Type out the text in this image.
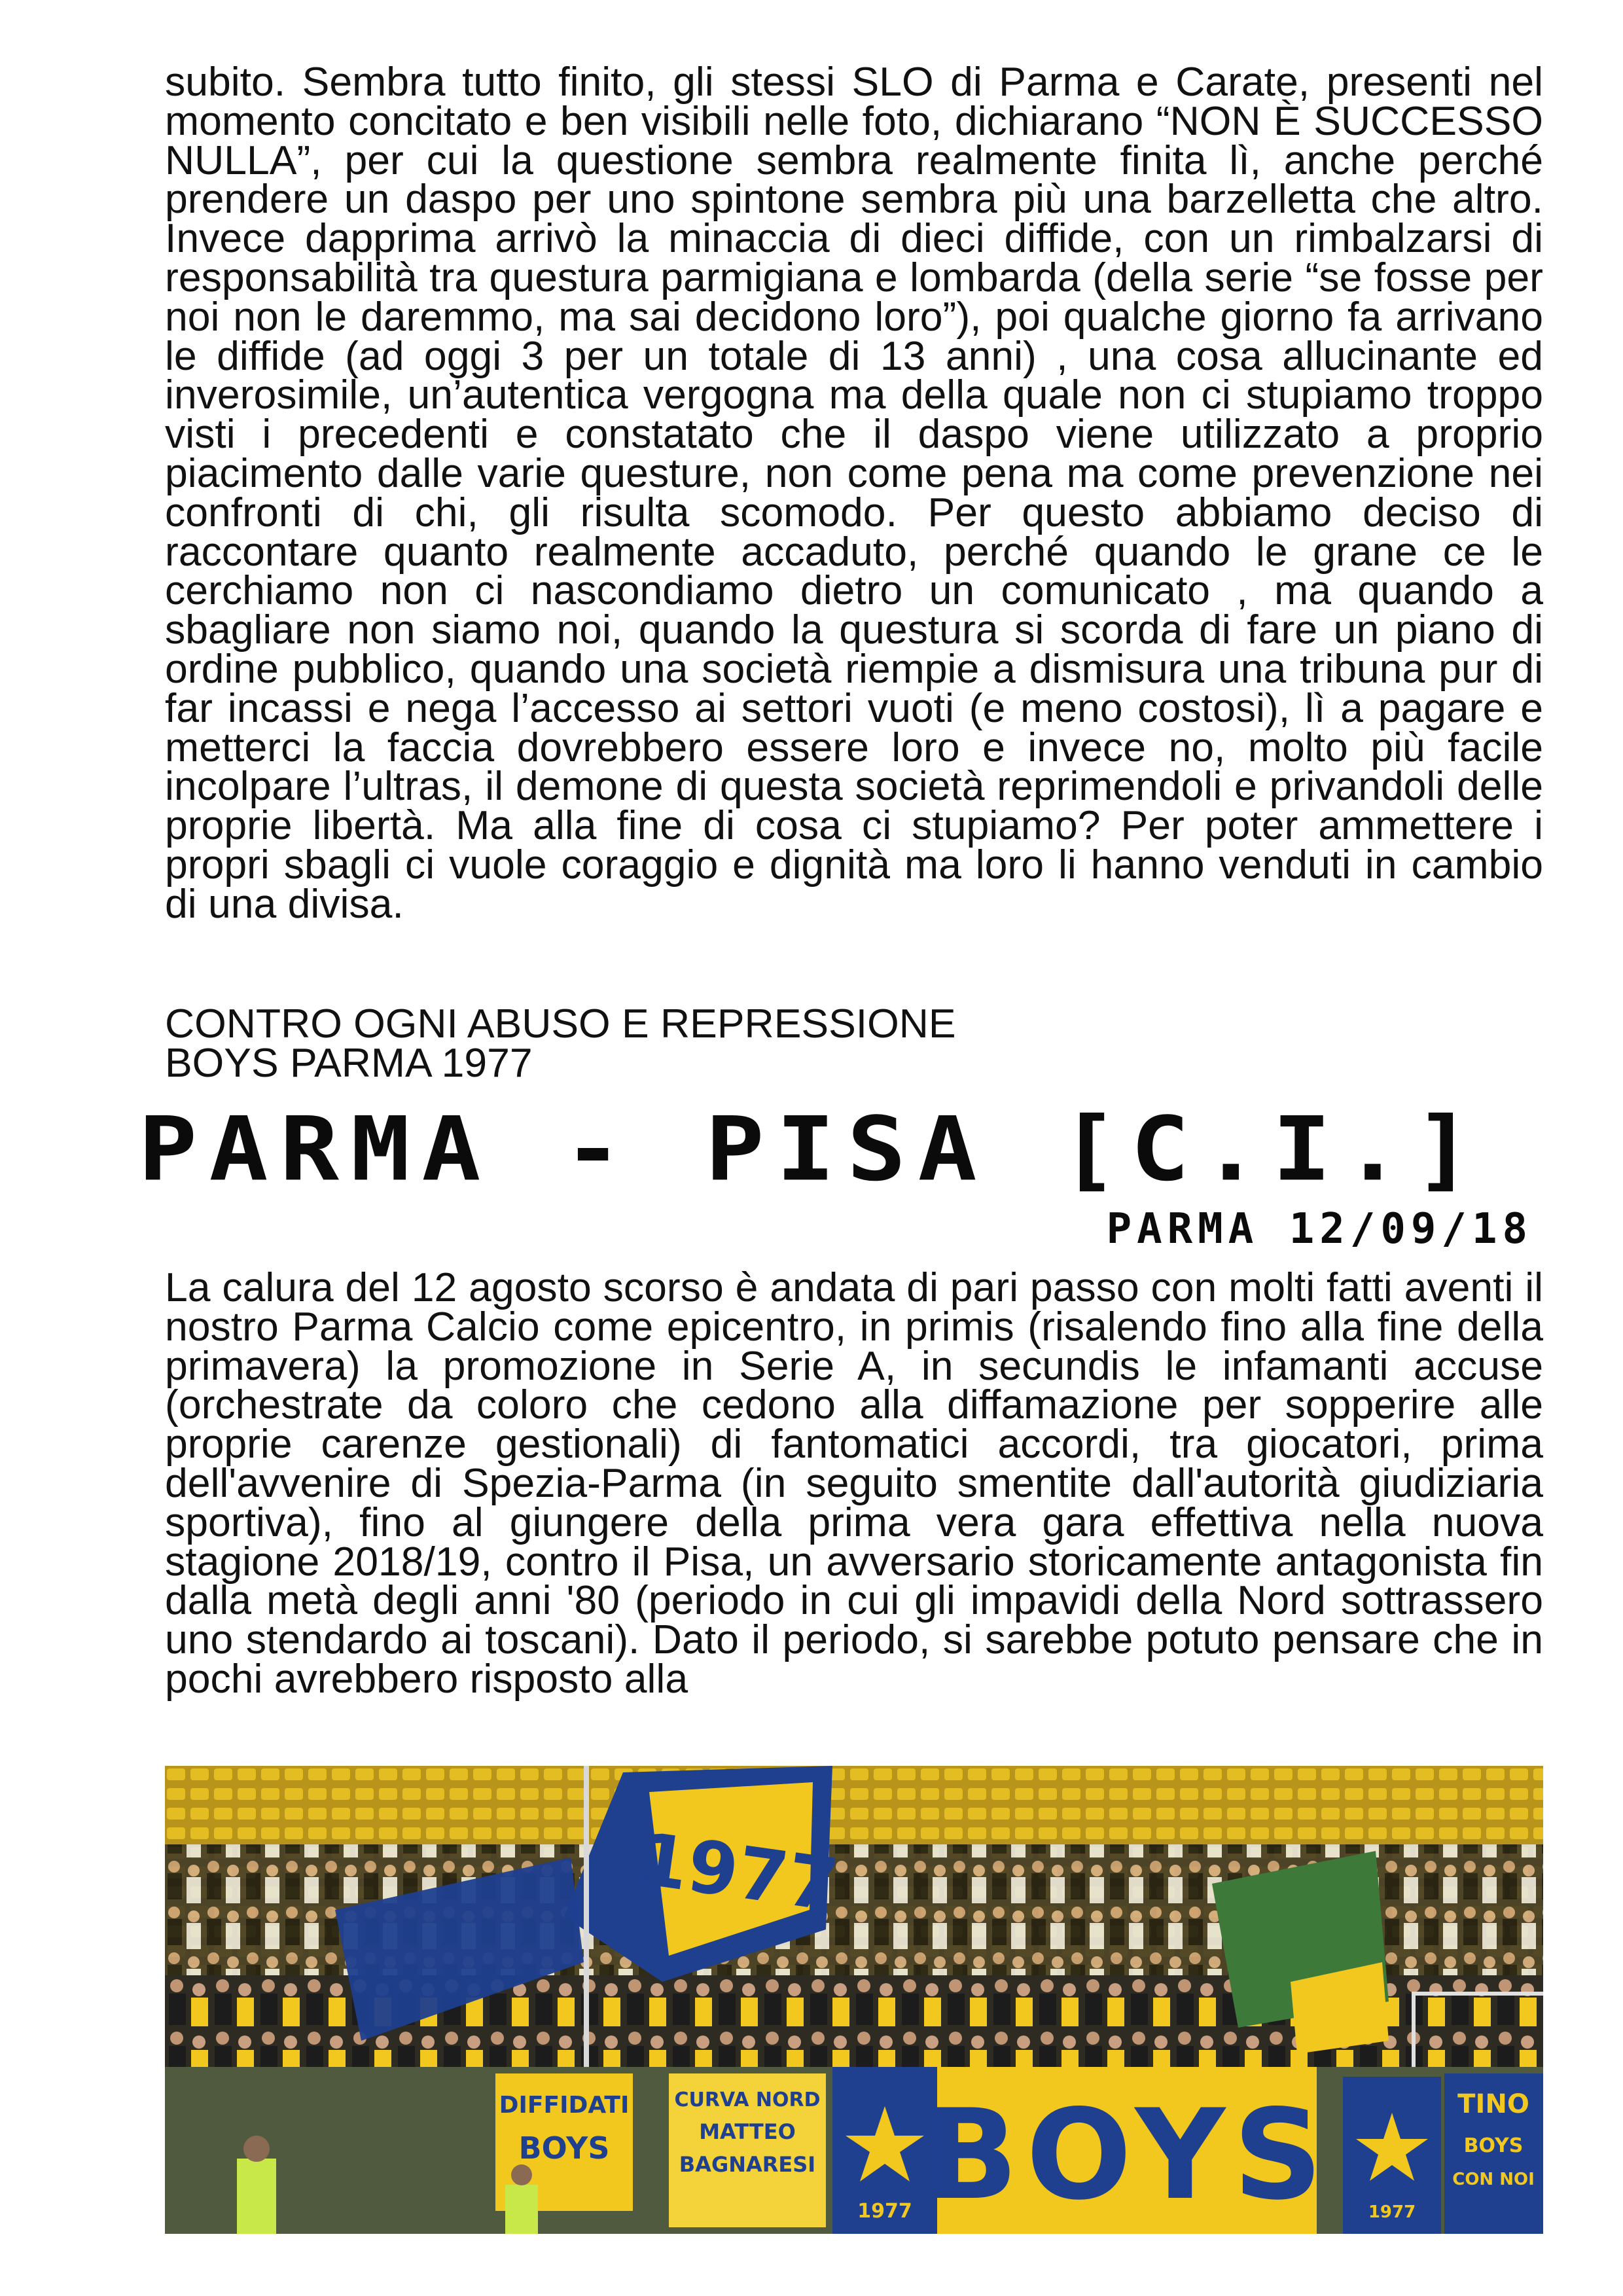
subito. Sembra tutto finito, gli stessi SLO di Parma e Carate, presenti nel momento concitato e ben visibili nelle foto, dichiarano “NON È SUCCESSO NULLA”, per cui la questione sembra realmente finita lì, anche perché prendere un daspo per uno spintone sembra più una barzelletta che altro. Invece dapprima arrivò la minaccia di dieci diffide, con un rimbalzarsi di responsabilità tra questura parmigiana e lombarda (della serie “se fosse per noi non le daremmo, ma sai decidono loro”), poi qualche giorno fa arrivano le diffide (ad oggi 3 per un totale di 13 anni) , una cosa allucinante ed inverosimile, un’autentica vergogna ma della quale non ci stupiamo troppo visti i precedenti e constatato che il daspo viene utilizzato a proprio piacimento dalle varie questure, non come pena ma come prevenzione nei confronti di chi, gli risulta scomodo. Per questo abbiamo deciso di raccontare quanto realmente accaduto, perché quando le grane ce le cerchiamo non ci nascondiamo dietro un comunicato , ma quando a sbagliare non siamo noi, quando la questura si scorda di fare un piano di ordine pubblico, quando una società riempie a dismisura una tribuna pur di far incassi e nega l’accesso ai settori vuoti (e meno costosi), lì a pagare e metterci la faccia dovrebbero essere loro e invece no, molto più facile incolpare l’ultras, il demone di questa società reprimendoli e privandoli delle proprie libertà. Ma alla fine di cosa ci stupiamo? Per poter ammettere i propri sbagli ci vuole coraggio e dignità ma loro li hanno venduti in cambio di una divisa.

CONTRO OGNI ABUSO E REPRESSIONE
BOYS PARMA 1977
PARMA - PISA [C.I.]
PARMA 12/09/18

La calura del 12 agosto scorso è andata di pari passo con molti fatti aventi il nostro Parma Calcio come epicentro, in primis (risalendo fino alla fine della primavera) la promozione in Serie A, in secundis le infamanti accuse (orchestrate da coloro che cedono alla diffamazione per sopperire alle proprie carenze gestionali) di fantomatici accordi, tra giocatori, prima dell'avvenire di Spezia-Parma (in seguito smentite dall'autorità giudiziaria sportiva), fino al giungere della prima vera gara effettiva nella nuova stagione 2018/19, contro il Pisa, un avversario storicamente antagonista fin dalla metà degli anni '80 (periodo in cui gli impavidi della Nord sottrassero uno stendardo ai toscani). Dato il periodo, si sarebbe potuto pensare che in pochi avrebbero risposto alla

1977
DIFFIDATI
BOYS
CURVA NORD
MATTEO
BAGNARESI
1977 BOYS 1977
TINO
BOYS
CON NOI
